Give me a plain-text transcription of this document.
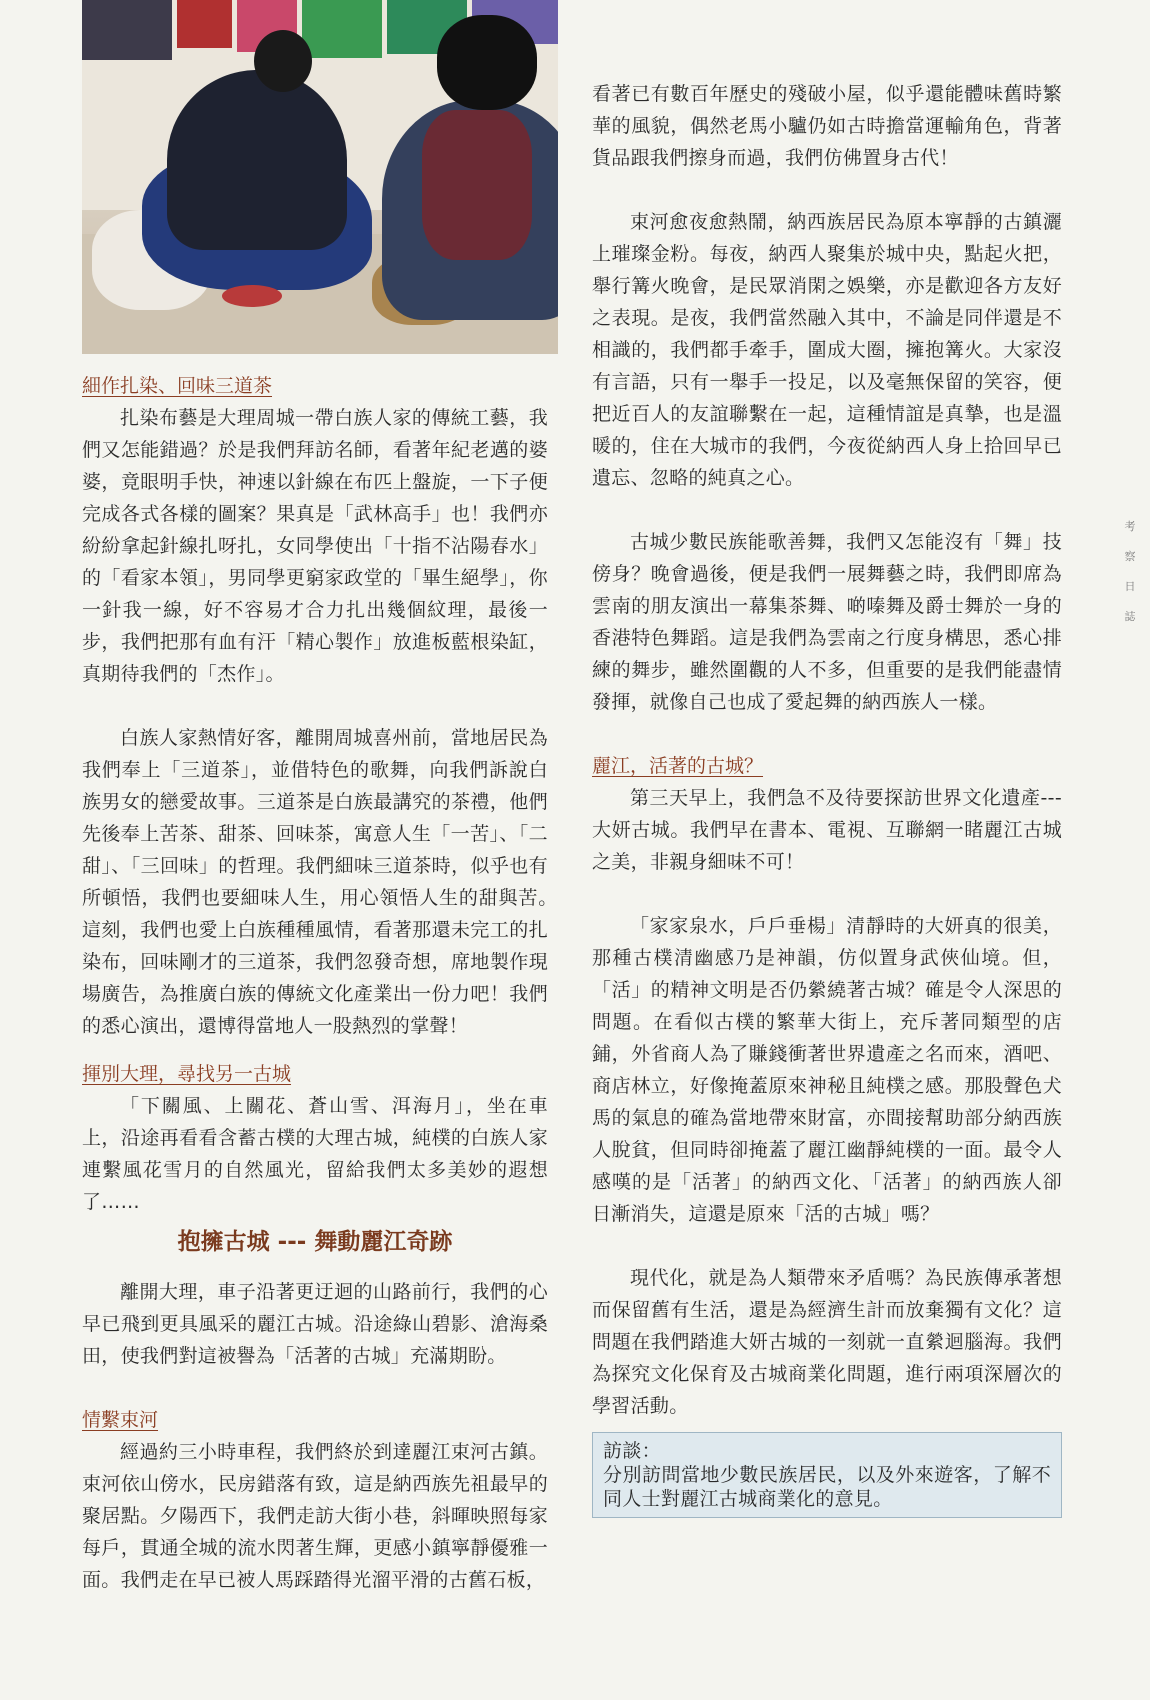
細作扎染、回味三道茶

扎染布藝是大理周城一帶白族人家的傳統工藝，我們又怎能錯過？於是我們拜訪名師，看著年紀老邁的婆婆，竟眼明手快，神速以針線在布匹上盤旋，一下子便完成各式各樣的圖案？果真是「武林高手」也！我們亦紛紛拿起針線扎呀扎，女同學使出「十指不沾陽春水」的「看家本領」，男同學更窮家政堂的「畢生絕學」，你一針我一線，好不容易才合力扎出幾個紋理，最後一步，我們把那有血有汗「精心製作」放進板藍根染缸，真期待我們的「杰作」。

白族人家熱情好客，離開周城喜州前，當地居民為我們奉上「三道茶」，並借特色的歌舞，向我們訴說白族男女的戀愛故事。三道茶是白族最講究的茶禮，他們先後奉上苦茶、甜茶、回味茶，寓意人生「一苦」、「二甜」、「三回味」的哲理。我們細味三道茶時，似乎也有所頓悟，我們也要細味人生，用心領悟人生的甜與苦。　　這刻，我們也愛上白族種種風情，看著那還未完工的扎染布，回味剛才的三道茶，我們忽發奇想，席地製作現場廣告，為推廣白族的傳統文化產業出一份力吧！我們的悉心演出，還博得當地人一股熱烈的掌聲！

揮別大理，尋找另一古城

「下關風、上關花、蒼山雪、洱海月」，坐在車上，沿途再看看含蓄古樸的大理古城，純樸的白族人家連繫風花雪月的自然風光，留給我們太多美妙的遐想了……

抱擁古城 --- 舞動麗江奇跡

離開大理，車子沿著更迂迴的山路前行，我們的心早已飛到更具風采的麗江古城。沿途綠山碧影、滄海桑田，使我們對這被譽為「活著的古城」充滿期盼。

情繫束河

經過約三小時車程，我們終於到達麗江束河古鎮。束河依山傍水，民房錯落有致，這是納西族先祖最早的聚居點。夕陽西下，我們走訪大街小巷，斜暉映照每家每戶，貫通全城的流水閃著生輝，更感小鎮寧靜優雅一面。我們走在早已被人馬踩踏得光溜平滑的古舊石板，

看著已有數百年歷史的殘破小屋，似乎還能體味舊時繁華的風貌，偶然老馬小驢仍如古時擔當運輸角色，背著貨品跟我們擦身而過，我們仿佛置身古代！

束河愈夜愈熱鬧，納西族居民為原本寧靜的古鎮灑上璀璨金粉。每夜，納西人聚集於城中央，點起火把，舉行篝火晚會，是民眾消閑之娛樂，亦是歡迎各方友好之表現。是夜，我們當然融入其中，不論是同伴還是不相識的，我們都手牽手，圍成大圈，擁抱篝火。大家沒有言語，只有一舉手一投足，以及毫無保留的笑容，便把近百人的友誼聯繫在一起，這種情誼是真摯，也是溫暖的，住在大城市的我們，今夜從納西人身上拾回早已遺忘、忽略的純真之心。

古城少數民族能歌善舞，我們又怎能沒有「舞」技傍身？晚會過後，便是我們一展舞藝之時，我們即席為雲南的朋友演出一幕集茶舞、啲嗪舞及爵士舞於一身的香港特色舞蹈。這是我們為雲南之行度身構思，悉心排練的舞步，雖然圍觀的人不多，但重要的是我們能盡情發揮，就像自己也成了愛起舞的納西族人一樣。

麗江，活著的古城？

第三天早上，我們急不及待要探訪世界文化遺產---大妍古城。我們早在書本、電視、互聯網一睹麗江古城之美，非親身細味不可！

「家家泉水，戶戶垂楊」清靜時的大妍真的很美，那種古樸清幽感乃是神韻，仿似置身武俠仙境。但，「活」的精神文明是否仍縈繞著古城？確是令人深思的問題。在看似古樸的繁華大街上，充斥著同類型的店鋪，外省商人為了賺錢衝著世界遺產之名而來，酒吧、商店林立，好像掩蓋原來神秘且純樸之感。那股聲色犬馬的氣息的確為當地帶來財富，亦間接幫助部分納西族人脫貧，但同時卻掩蓋了麗江幽靜純樸的一面。最令人感嘆的是「活著」的納西文化、「活著」的納西族人卻日漸消失，這還是原來「活的古城」嗎？

現代化，就是為人類帶來矛盾嗎？為民族傳承著想而保留舊有生活，還是為經濟生計而放棄獨有文化？這問題在我們踏進大妍古城的一刻就一直縈迴腦海。我們為探究文化保育及古城商業化問題，進行兩項深層次的學習活動。

訪談：

分別訪問當地少數民族居民，以及外來遊客，了解不同人士對麗江古城商業化的意見。

考
察
日
誌
